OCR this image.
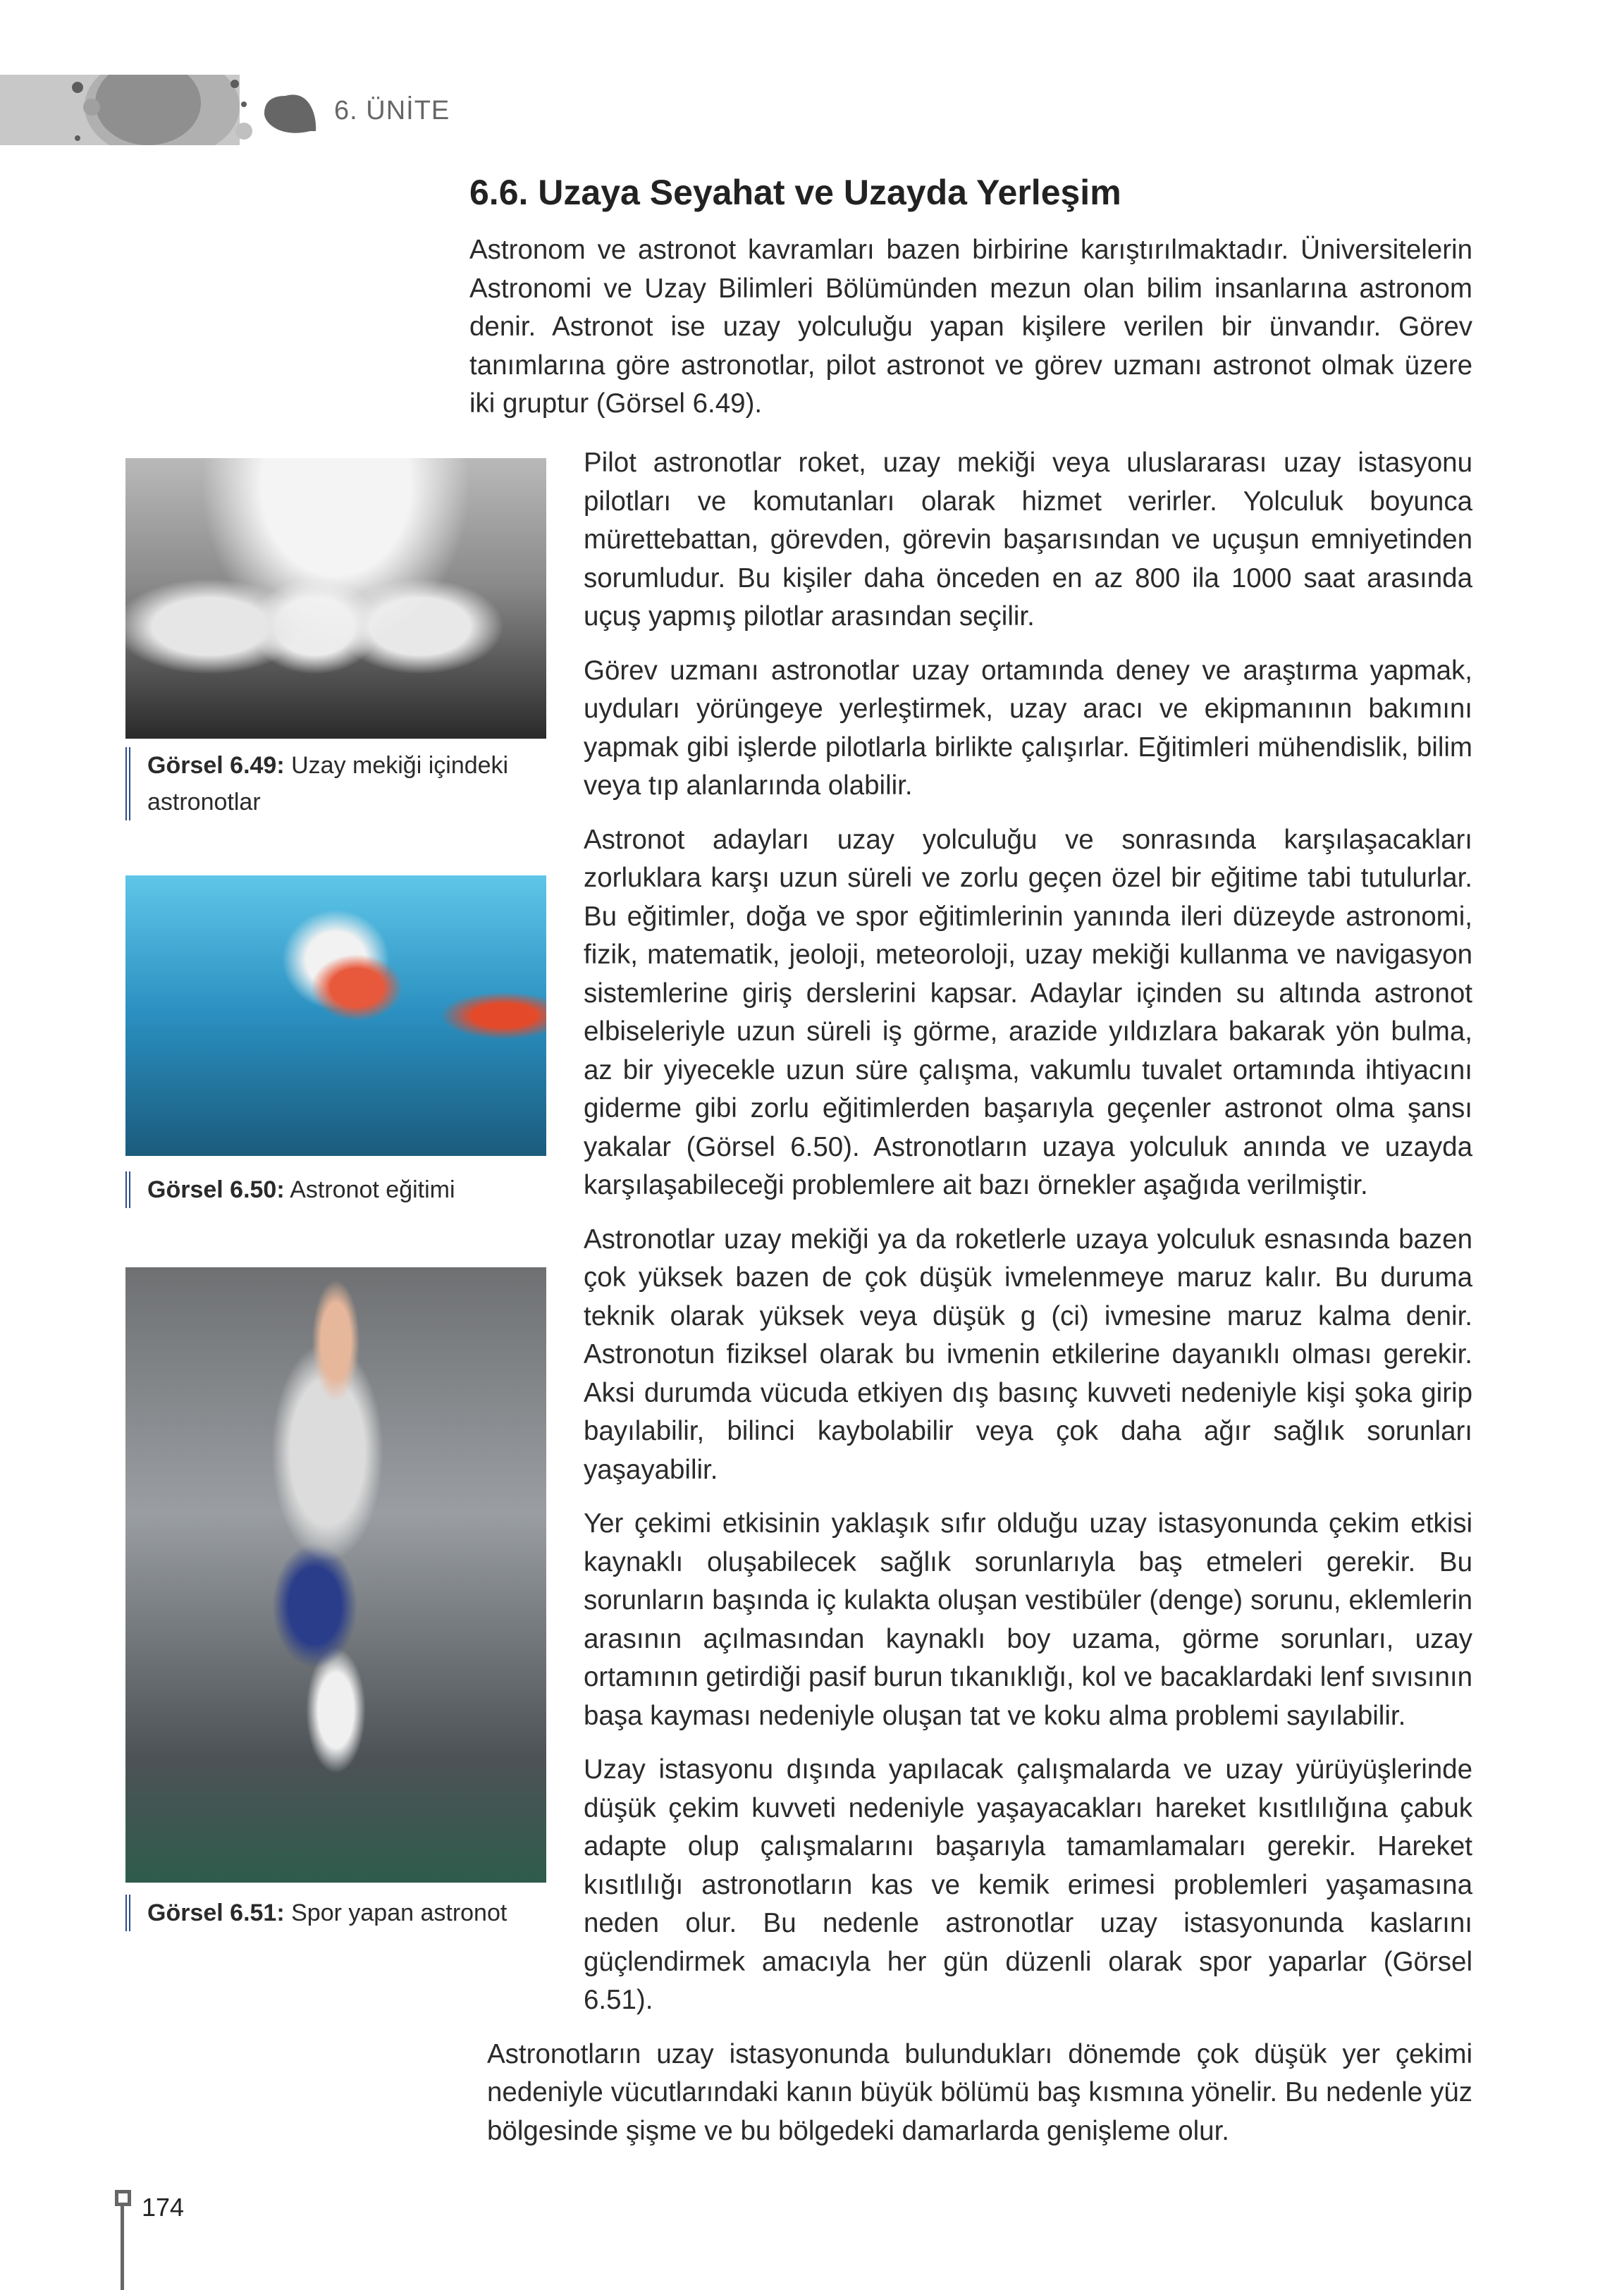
6. ÜNİTE
6.6. Uzaya Seyahat ve Uzayda Yerleşim

Astronom ve astronot kavramları bazen birbirine karıştırılmaktadır. Üniversitelerin Astronomi ve Uzay Bilimleri Bölümünden mezun olan bilim insanlarına astronom denir. Astronot ise uzay yolculuğu yapan kişilere verilen bir ünvandır. Görev tanımlarına göre astronotlar, pilot astronot ve görev uzmanı astronot olmak üzere iki gruptur (Görsel 6.49).

Pilot astronotlar roket, uzay mekiği veya uluslararası uzay istasyonu pilotları ve komutanları olarak hizmet verirler. Yolculuk boyunca mürettebattan, görevden, görevin başarısından ve uçuşun emniyetinden sorumludur. Bu kişiler daha önceden en az 800 ila 1000 saat arasında uçuş yapmış pilotlar arasından seçilir.

Görev uzmanı astronotlar uzay ortamında deney ve araştırma yapmak, uyduları yörüngeye yerleştirmek, uzay aracı ve ekipmanının bakımını yapmak gibi işlerde pilotlarla birlikte çalışırlar. Eğitimleri mühendislik, bilim veya tıp alanlarında olabilir.

Astronot adayları uzay yolculuğu ve sonrasında karşılaşacakları zorluklara karşı uzun süreli ve zorlu geçen özel bir eğitime tabi tutulurlar. Bu eğitimler, doğa ve spor eğitimlerinin yanında ileri düzeyde astronomi, fizik, matematik, jeoloji, meteoroloji, uzay mekiği kullanma ve navigasyon sistemlerine giriş derslerini kapsar. Adaylar içinden su altında astronot elbiseleriyle uzun süreli iş görme, arazide yıldızlara bakarak yön bulma, az bir yiyecekle uzun süre çalışma, vakumlu tuvalet ortamında ihtiyacını giderme gibi zorlu eğitimlerden başarıyla geçenler astronot olma şansı yakalar (Görsel 6.50). Astronotların uzaya yolculuk anında ve uzayda karşılaşabileceği problemlere ait bazı örnekler aşağıda verilmiştir.

Astronotlar uzay mekiği ya da roketlerle uzaya yolculuk esnasında bazen çok yüksek bazen de çok düşük ivmelenmeye maruz kalır. Bu duruma teknik olarak yüksek veya düşük g (ci) ivmesine maruz kalma denir. Astronotun fiziksel olarak bu ivmenin etkilerine dayanıklı olması gerekir. Aksi durumda vücuda etkiyen dış basınç kuvveti nedeniyle kişi şoka girip bayılabilir, bilinci kaybolabilir veya çok daha ağır sağlık sorunları yaşayabilir.

Yer çekimi etkisinin yaklaşık sıfır olduğu uzay istasyonunda çekim etkisi kaynaklı oluşabilecek sağlık sorunlarıyla baş etmeleri gerekir. Bu sorunların başında iç kulakta oluşan vestibüler (denge) sorunu, eklemlerin arasının açılmasından kaynaklı boy uzama, görme sorunları, uzay ortamının getirdiği pasif burun tıkanıklığı, kol ve bacaklardaki lenf sıvısının başa kayması nedeniyle oluşan tat ve koku alma problemi sayılabilir.

Uzay istasyonu dışında yapılacak çalışmalarda ve uzay yürüyüşlerinde düşük çekim kuvveti nedeniyle yaşayacakları hareket kısıtlılığına çabuk adapte olup çalışmalarını başarıyla tamamlamaları gerekir. Hareket kısıtlılığı astronotların kas ve kemik erimesi problemleri yaşamasına neden olur. Bu nedenle astronotlar uzay istasyonunda kaslarını güçlendirmek amacıyla her gün düzenli olarak spor yaparlar (Görsel 6.51).

Astronotların uzay istasyonunda bulundukları dönemde çok düşük yer çekimi nedeniyle vücutlarındaki kanın büyük bölümü baş kısmına yönelir. Bu nedenle yüz bölgesinde şişme ve bu bölgedeki damarlarda genişleme olur.

Görsel 6.49: Uzay mekiği içindeki astronotlar
Görsel 6.50: Astronot eğitimi
Görsel 6.51: Spor yapan astronot
174
